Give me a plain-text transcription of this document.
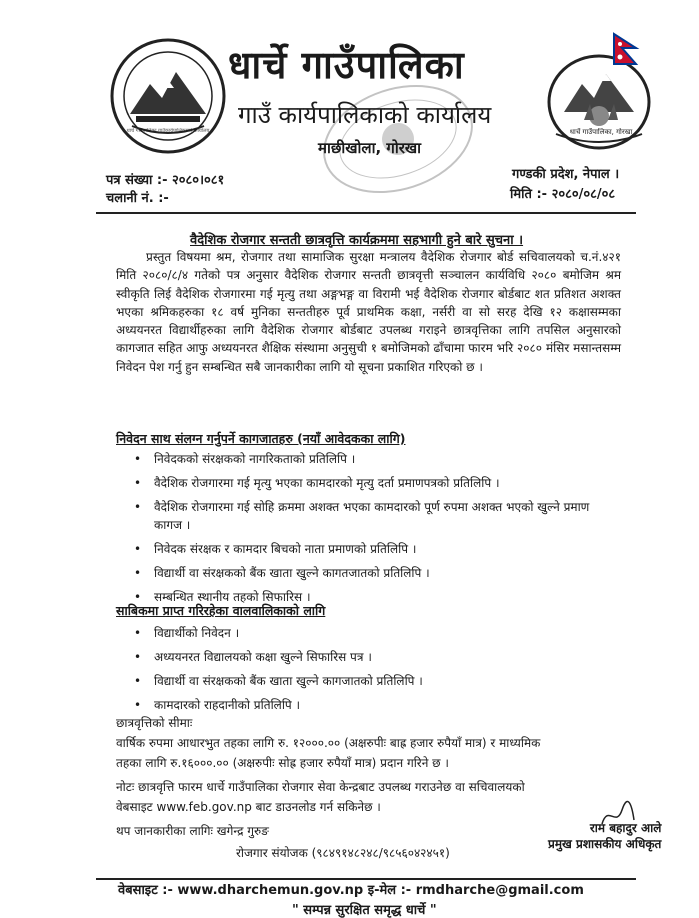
धार्चे गाउँपालिका गाउँकार्यपालिकाको कार्यालय	धार्चे गाउँपालिका, गोरखा
धार्चे गाउँपालिका
गाउँ कार्यपालिकाको कार्यालय
माछीखोला, गोरखा
पत्र संख्या :- २०८०।०८१	गण्डकी प्रदेश, नेपाल ।
चलानी नं. :-	मिति :- २०८०/०८/०८
वैदेशिक रोजगार सन्तती छात्रवृत्ति कार्यक्रममा सहभागी हुने बारे सुचना ।
प्रस्तुत विषयमा श्रम, रोजगार तथा सामाजिक सुरक्षा मन्त्रालय वैदेशिक रोजगार बोर्ड सचिवालयको च.नं.४२१ मिति २०८०/८/४ गतेको पत्र अनुसार वैदेशिक रोजगार सन्तती छात्रवृत्ती सञ्चालन कार्यविधि २०८० बमोजिम श्रम स्वीकृति लिई वैदेशिक रोजगारमा गई मृत्यु तथा अङ्गभङ्ग वा विरामी भई वैदेशिक रोजगार बोर्डबाट शत प्रतिशत अशक्त भएका श्रमिकहरुका १८ वर्ष मुनिका सन्ततीहरु पूर्व प्राथमिक कक्षा, नर्सरी वा सो सरह देखि १२ कक्षासम्मका अध्ययनरत विद्यार्थीहरुका लागि वैदेशिक रोजगार बोर्डबाट उपलब्ध गराइने छात्रवृत्तिका लागि तपसिल अनुसारको कागजात सहित आफु अध्ययनरत शैक्षिक संस्थामा अनुसुची १ बमोजिमको ढाँचामा फारम भरि २०८० मंसिर मसान्तसम्म निवेदन पेश गर्नु हुन सम्बन्धित सबै जानकारीका लागि यो सूचना प्रकाशित गरिएको छ ।
निवेदन साथ संलग्न गर्नुपर्ने कागजातहरु (नयाँ आवेदकका लागि)
• निवेदकको संरक्षकको नागरिकताको प्रतिलिपि ।
• वैदेशिक रोजगारमा गई मृत्यु भएका कामदारको मृत्यु दर्ता प्रमाणपत्रको प्रतिलिपि ।
• वैदेशिक रोजगारमा गई सोहि क्रममा अशक्त भएका कामदारको पूर्ण रुपमा अशक्त भएको खुल्ने प्रमाण कागज ।
• निवेदक संरक्षक र कामदार बिचको नाता प्रमाणको प्रतिलिपि ।
• विद्यार्थी वा संरक्षकको बैंक खाता खुल्ने कागतजातको प्रतिलिपि ।
• सम्बन्धित स्थानीय तहको सिफारिस ।
साबिकमा प्राप्त गरिरहेका वालवालिकाको लागि
• विद्यार्थीको निवेदन ।
• अध्ययनरत विद्यालयको कक्षा खुल्ने सिफारिस पत्र ।
• विद्यार्थी वा संरक्षकको बैंक खाता खुल्ने कागजातको प्रतिलिपि ।
• कामदारको राहदानीको प्रतिलिपि ।
छात्रवृत्तिको सीमाः
वार्षिक रुपमा आधारभुत तहका लागि रु. १२०००.०० (अक्षरुपीः बाह्र हजार रुपैयाँ मात्र) र माध्यमिक
तहका लागि रु.१६०००.०० (अक्षरुपीः सोह्र हजार रुपैयाँ मात्र) प्रदान गरिने छ ।
नोटः छात्रवृत्ति फारम धार्चे गाउँपालिका रोजगार सेवा केन्द्रबाट उपलब्ध गराउनेछ वा सचिवालयको
वेबसाइट www.feb.gov.np बाट डाउनलोड गर्न सकिनेछ ।
थप जानकारीका लागिः खगेन्द्र गुरुङ
रोजगार संयोजक (९८४९१४८२४८/९८५६०४२४५१)
राम बहादुर आले
प्रमुख प्रशासकीय अधिकृत
वेबसाइट :- www.dharchemun.gov.np इ-मेल :- rmdharche@gmail.com
" सम्पन्न सुरक्षित समृद्ध धार्चे "
